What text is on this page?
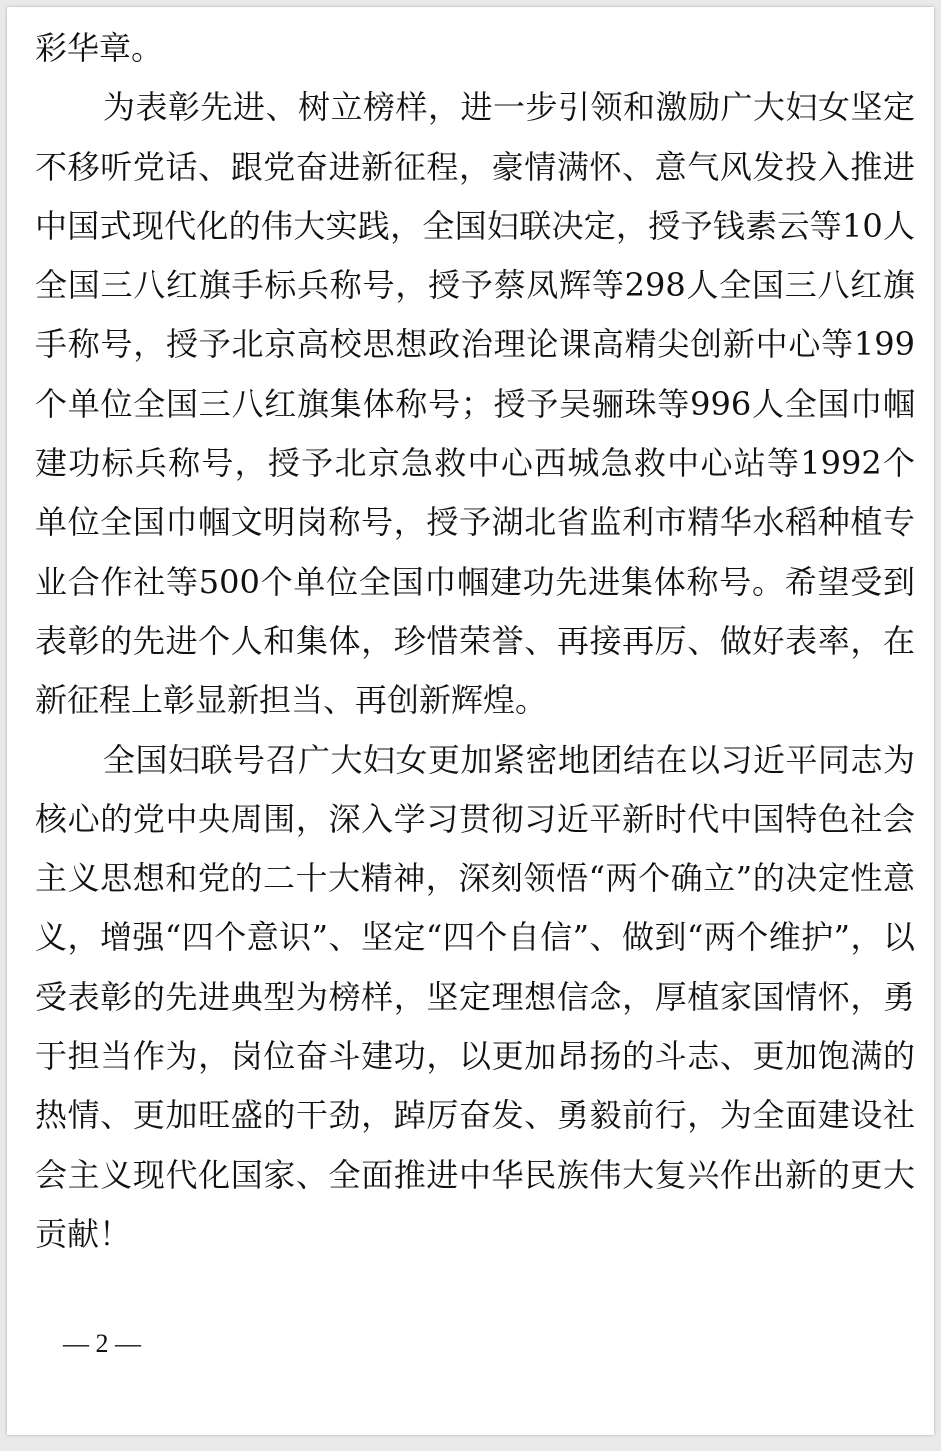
彩华章。

为表彰先进、树立榜样，进一步引领和激励广大妇女坚定不移听党话、跟党奋进新征程，豪情满怀、意气风发投入推进中国式现代化的伟大实践，全国妇联决定，授予钱素云等10人全国三八红旗手标兵称号，授予蔡凤辉等298人全国三八红旗手称号，授予北京高校思想政治理论课高精尖创新中心等199个单位全国三八红旗集体称号；授予吴骊珠等996人全国巾帼建功标兵称号，授予北京急救中心西城急救中心站等1992个单位全国巾帼文明岗称号，授予湖北省监利市精华水稻种植专业合作社等500个单位全国巾帼建功先进集体称号。希望受到表彰的先进个人和集体，珍惜荣誉、再接再厉、做好表率，在新征程上彰显新担当、再创新辉煌。

全国妇联号召广大妇女更加紧密地团结在以习近平同志为核心的党中央周围，深入学习贯彻习近平新时代中国特色社会主义思想和党的二十大精神，深刻领悟“两个确立”的决定性意义，增强“四个意识”、坚定“四个自信”、做到“两个维护”，以受表彰的先进典型为榜样，坚定理想信念，厚植家国情怀，勇于担当作为，岗位奋斗建功，以更加昂扬的斗志、更加饱满的热情、更加旺盛的干劲，踔厉奋发、勇毅前行，为全面建设社会主义现代化国家、全面推进中华民族伟大复兴作出新的更大贡献！

— 2 —
